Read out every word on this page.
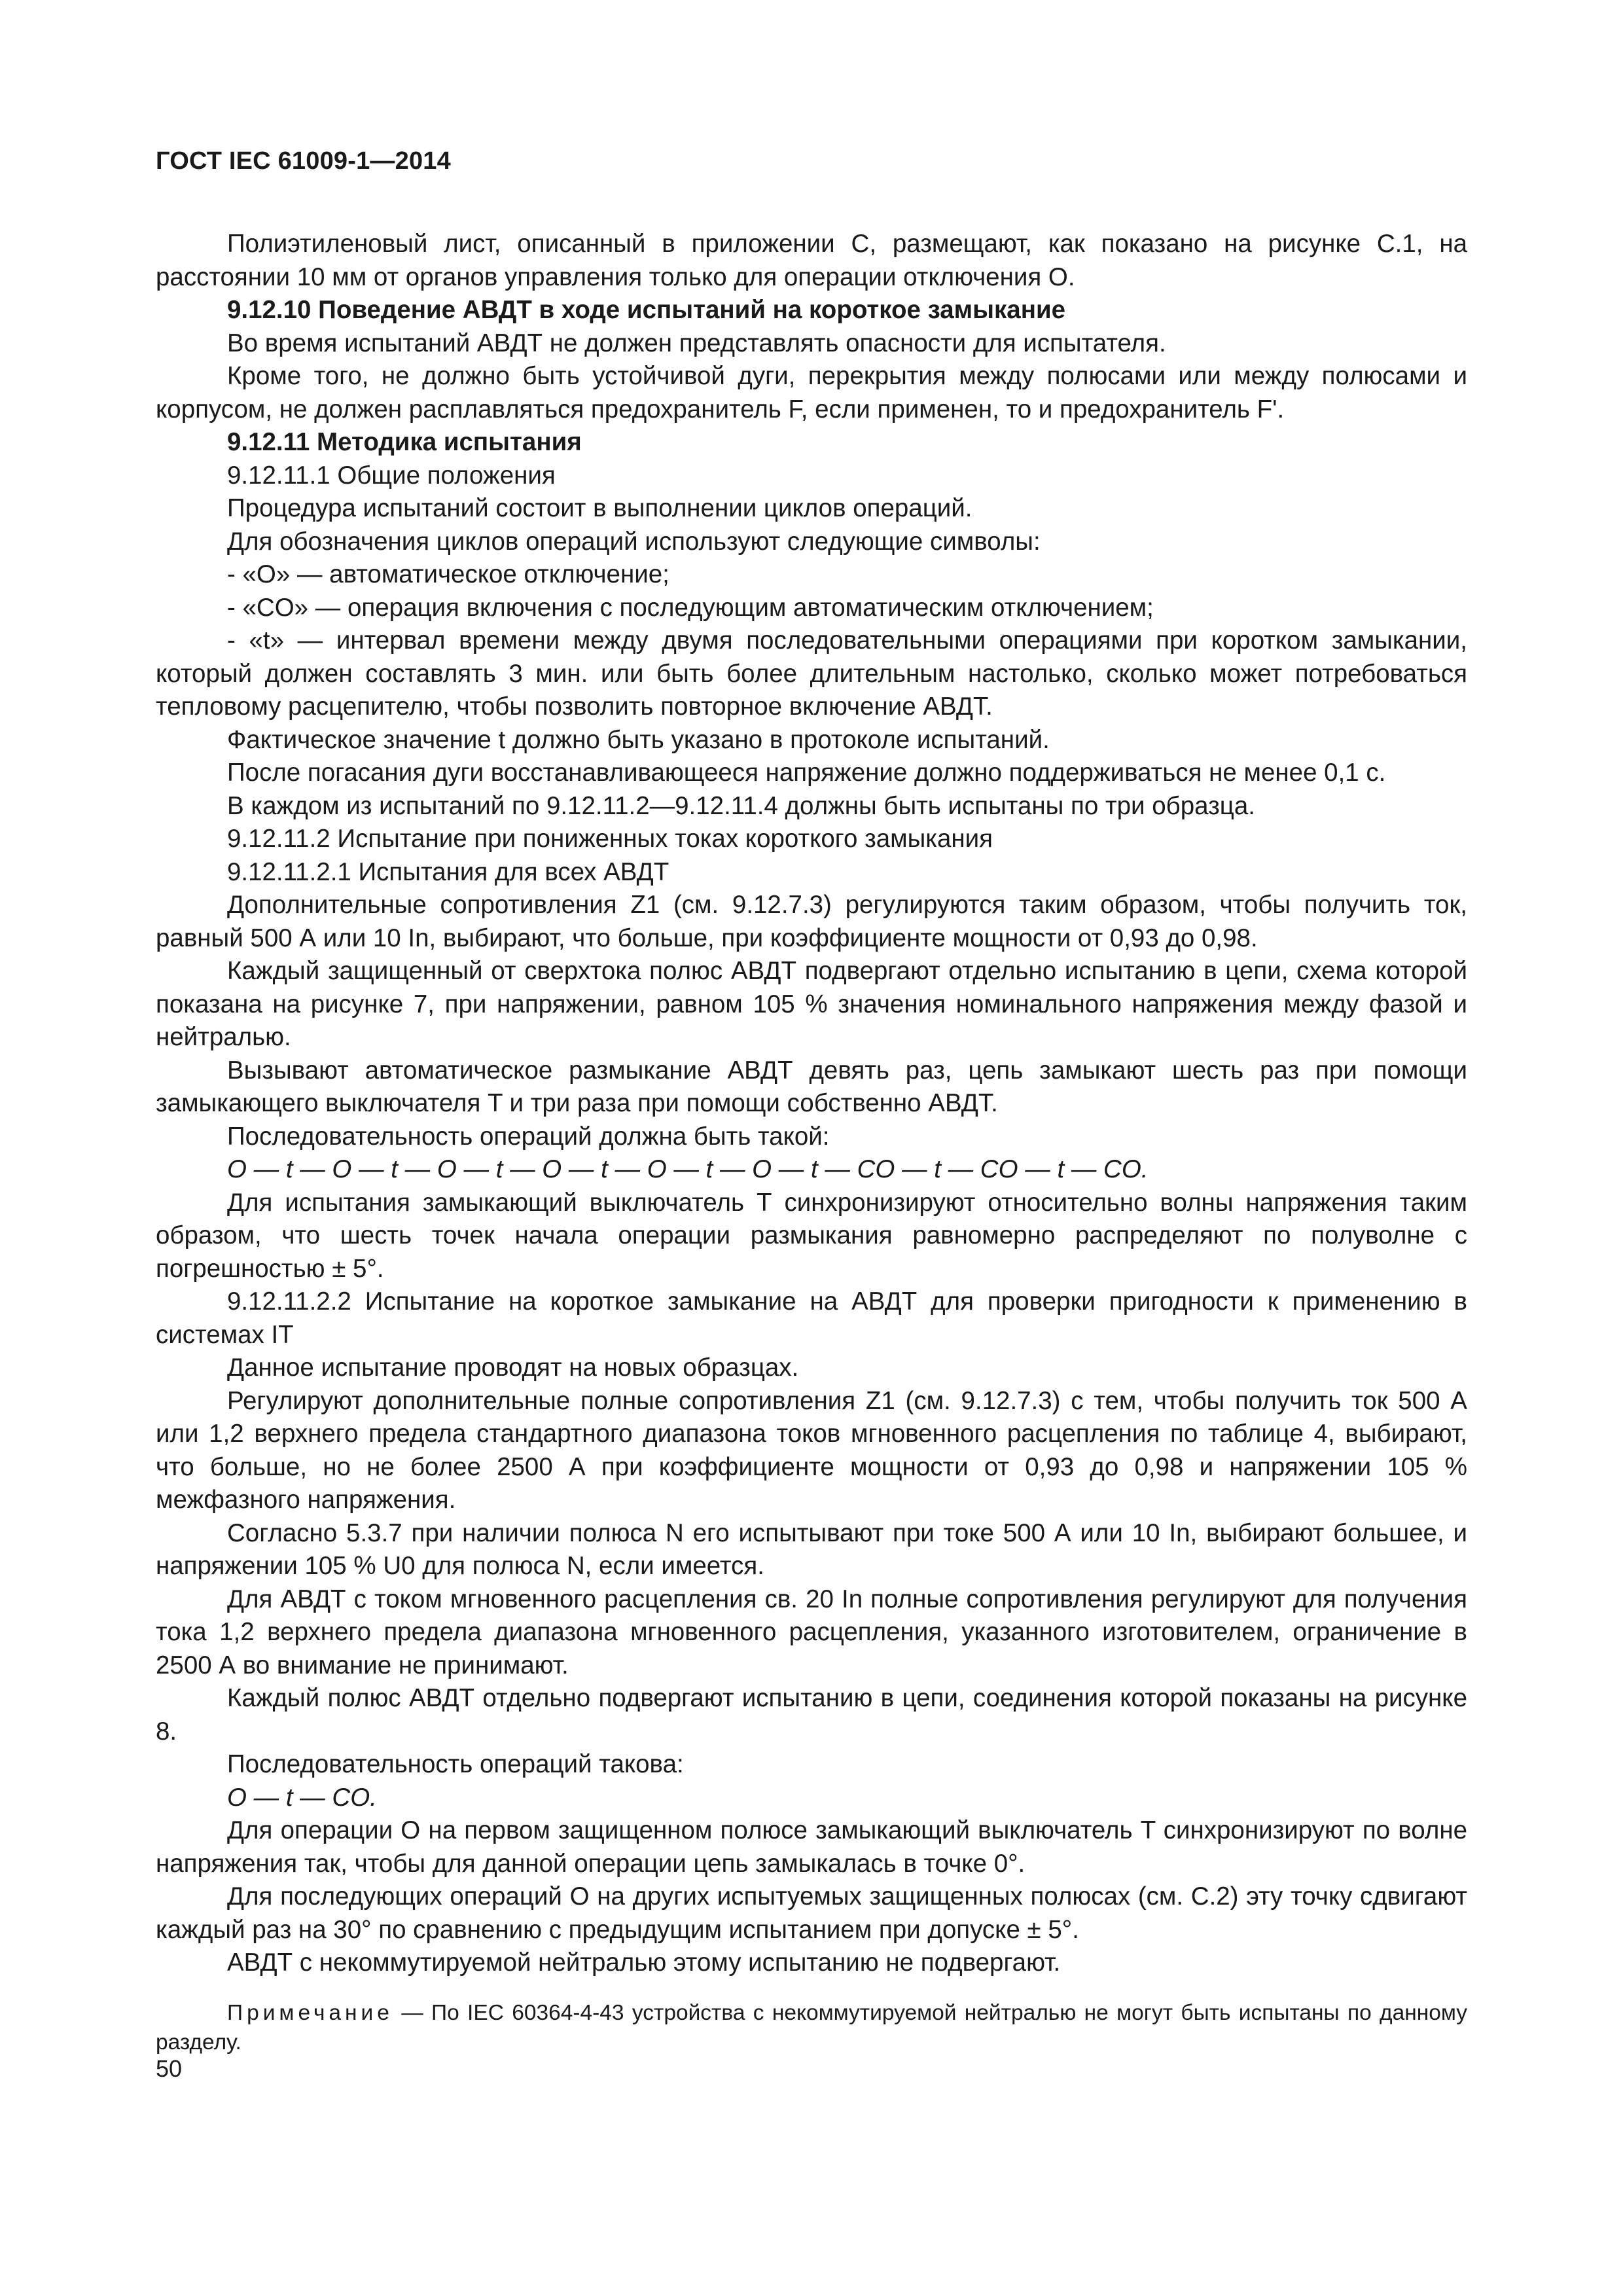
ГОСТ IEC 61009-1—2014

Полиэтиленовый лист, описанный в приложении С, размещают, как показано на рисунке С.1, на расстоянии 10 мм от органов управления только для операции отключения O.

9.12.10 Поведение АВДТ в ходе испытаний на короткое замыкание

Во время испытаний АВДТ не должен представлять опасности для испытателя.

Кроме того, не должно быть устойчивой дуги, перекрытия между полюсами или между полюсами и корпусом, не должен расплавляться предохранитель F, если применен, то и предохранитель F'.

9.12.11 Методика испытания

9.12.11.1 Общие положения

Процедура испытаний состоит в выполнении циклов операций.

Для обозначения циклов операций используют следующие символы:

- «O» — автоматическое отключение;

- «CO» — операция включения с последующим автоматическим отключением;

- «t» — интервал времени между двумя последовательными операциями при коротком замыкании, который должен составлять 3 мин. или быть более длительным настолько, сколько может потребоваться тепловому расцепителю, чтобы позволить повторное включение АВДТ.

Фактическое значение t должно быть указано в протоколе испытаний.

После погасания дуги восстанавливающееся напряжение должно поддерживаться не менее 0,1 с.

В каждом из испытаний по 9.12.11.2—9.12.11.4 должны быть испытаны по три образца.

9.12.11.2 Испытание при пониженных токах короткого замыкания

9.12.11.2.1 Испытания для всех АВДТ

Дополнительные сопротивления Z1 (см. 9.12.7.3) регулируются таким образом, чтобы получить ток, равный 500 А или 10 In, выбирают, что больше, при коэффициенте мощности от 0,93 до 0,98.

Каждый защищенный от сверхтока полюс АВДТ подвергают отдельно испытанию в цепи, схема которой показана на рисунке 7, при напряжении, равном 105 % значения номинального напряжения между фазой и нейтралью.

Вызывают автоматическое размыкание АВДТ девять раз, цепь замыкают шесть раз при помощи замыкающего выключателя T и три раза при помощи собственно АВДТ.

Последовательность операций должна быть такой:

O — t — O — t — O — t — O — t — O — t — O — t — CO — t — CO — t — CO.

Для испытания замыкающий выключатель Т синхронизируют относительно волны напряжения таким образом, что шесть точек начала операции размыкания равномерно распределяют по полуволне с погрешностью ± 5°.

9.12.11.2.2 Испытание на короткое замыкание на АВДТ для проверки пригодности к применению в системах IT

Данное испытание проводят на новых образцах.

Регулируют дополнительные полные сопротивления Z1 (см. 9.12.7.3) с тем, чтобы получить ток 500 А или 1,2 верхнего предела стандартного диапазона токов мгновенного расцепления по таблице 4, выбирают, что больше, но не более 2500 А при коэффициенте мощности от 0,93 до 0,98 и напряжении 105 % межфазного напряжения.

Согласно 5.3.7 при наличии полюса N его испытывают при токе 500 А или 10 In, выбирают большее, и напряжении 105 % U0 для полюса N, если имеется.

Для АВДТ с током мгновенного расцепления св. 20 In полные сопротивления регулируют для получения тока 1,2 верхнего предела диапазона мгновенного расцепления, указанного изготовителем, ограничение в 2500 А во внимание не принимают.

Каждый полюс АВДТ отдельно подвергают испытанию в цепи, соединения которой показаны на рисунке 8.

Последовательность операций такова:

O — t — CO.

Для операции O на первом защищенном полюсе замыкающий выключатель T синхронизируют по волне напряжения так, чтобы для данной операции цепь замыкалась в точке 0°.

Для последующих операций O на других испытуемых защищенных полюсах (см. С.2) эту точку сдвигают каждый раз на 30° по сравнению с предыдущим испытанием при допуске ± 5°.

АВДТ с некоммутируемой нейтралью этому испытанию не подвергают.

Примечание — По IEC 60364-4-43 устройства с некоммутируемой нейтралью не могут быть испытаны по данному разделу.

50
